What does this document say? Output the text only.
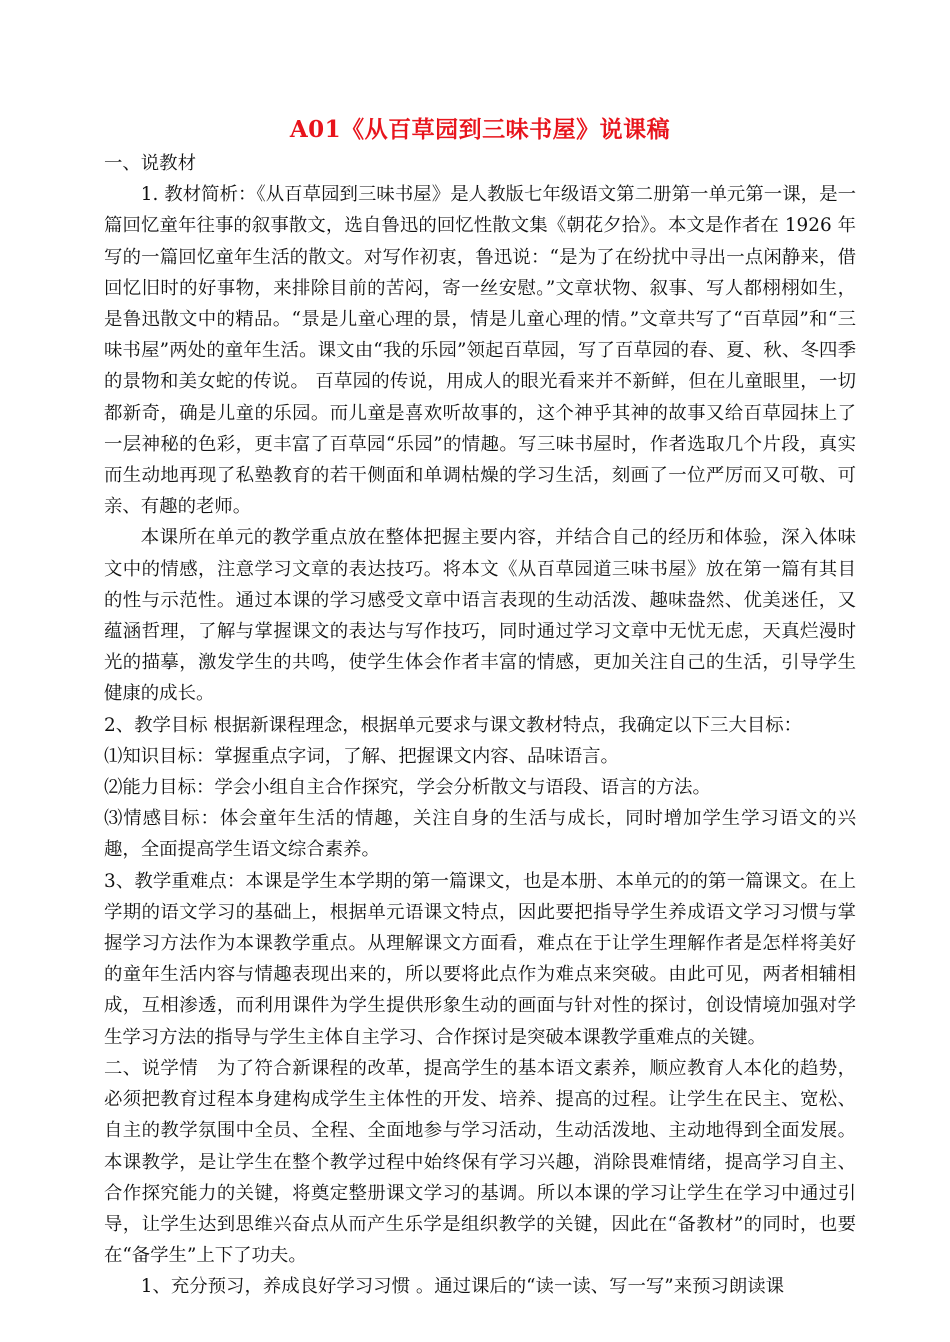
A01《从百草园到三味书屋》说课稿

一、说教材

1. 教材简析：《从百草园到三味书屋》是人教版七年级语文第二册第一单元第一课，是一篇回忆童年往事的叙事散文，选自鲁迅的回忆性散文集《朝花夕拾》。本文是作者在 1926 年写的一篇回忆童年生活的散文。对写作初衷，鲁迅说：“是为了在纷扰中寻出一点闲静来，借回忆旧时的好事物，来排除目前的苦闷，寄一丝安慰。”文章状物、叙事、写人都栩栩如生，是鲁迅散文中的精品。“景是儿童心理的景，情是儿童心理的情。”文章共写了“百草园”和“三味书屋”两处的童年生活。课文由“我的乐园”领起百草园，写了百草园的春、夏、秋、冬四季的景物和美女蛇的传说。 百草园的传说，用成人的眼光看来并不新鲜，但在儿童眼里，一切都新奇，确是儿童的乐园。而儿童是喜欢听故事的，这个神乎其神的故事又给百草园抹上了一层神秘的色彩，更丰富了百草园“乐园”的情趣。写三味书屋时，作者选取几个片段，真实而生动地再现了私塾教育的若干侧面和单调枯燥的学习生活，刻画了一位严厉而又可敬、可亲、有趣的老师。

本课所在单元的教学重点放在整体把握主要内容，并结合自己的经历和体验，深入体味文中的情感，注意学习文章的表达技巧。将本文《从百草园道三味书屋》放在第一篇有其目的性与示范性。通过本课的学习感受文章中语言表现的生动活泼、趣味盎然、优美迷任，又蕴涵哲理，了解与掌握课文的表达与写作技巧，同时通过学习文章中无忧无虑，天真烂漫时光的描摹，激发学生的共鸣，使学生体会作者丰富的情感，更加关注自己的生活，引导学生健康的成长。

2、教学目标 根据新课程理念，根据单元要求与课文教材特点，我确定以下三大目标：

⑴知识目标：掌握重点字词，了解、把握课文内容、品味语言。

⑵能力目标：学会小组自主合作探究，学会分析散文与语段、语言的方法。

⑶情感目标：体会童年生活的情趣，关注自身的生活与成长，同时增加学生学习语文的兴趣，全面提高学生语文综合素养。

3、教学重难点：本课是学生本学期的第一篇课文，也是本册、本单元的的第一篇课文。在上学期的语文学习的基础上，根据单元语课文特点，因此要把指导学生养成语文学习习惯与掌握学习方法作为本课教学重点。从理解课文方面看，难点在于让学生理解作者是怎样将美好的童年生活内容与情趣表现出来的，所以要将此点作为难点来突破。由此可见，两者相辅相成，互相渗透，而利用课件为学生提供形象生动的画面与针对性的探讨，创设情境加强对学生学习方法的指导与学生主体自主学习、合作探讨是突破本课教学重难点的关键。

二、说学情　为了符合新课程的改革，提高学生的基本语文素养，顺应教育人本化的趋势，必须把教育过程本身建构成学生主体性的开发、培养、提高的过程。让学生在民主、宽松、自主的教学氛围中全员、全程、全面地参与学习活动，生动活泼地、主动地得到全面发展。本课教学，是让学生在整个教学过程中始终保有学习兴趣，消除畏难情绪，提高学习自主、合作探究能力的关键，将奠定整册课文学习的基调。所以本课的学习让学生在学习中通过引导，让学生达到思维兴奋点从而产生乐学是组织教学的关键，因此在“备教材”的同时，也要在“备学生”上下了功夫。

1、充分预习，养成良好学习习惯 。通过课后的“读一读、写一写”来预习朗读课
